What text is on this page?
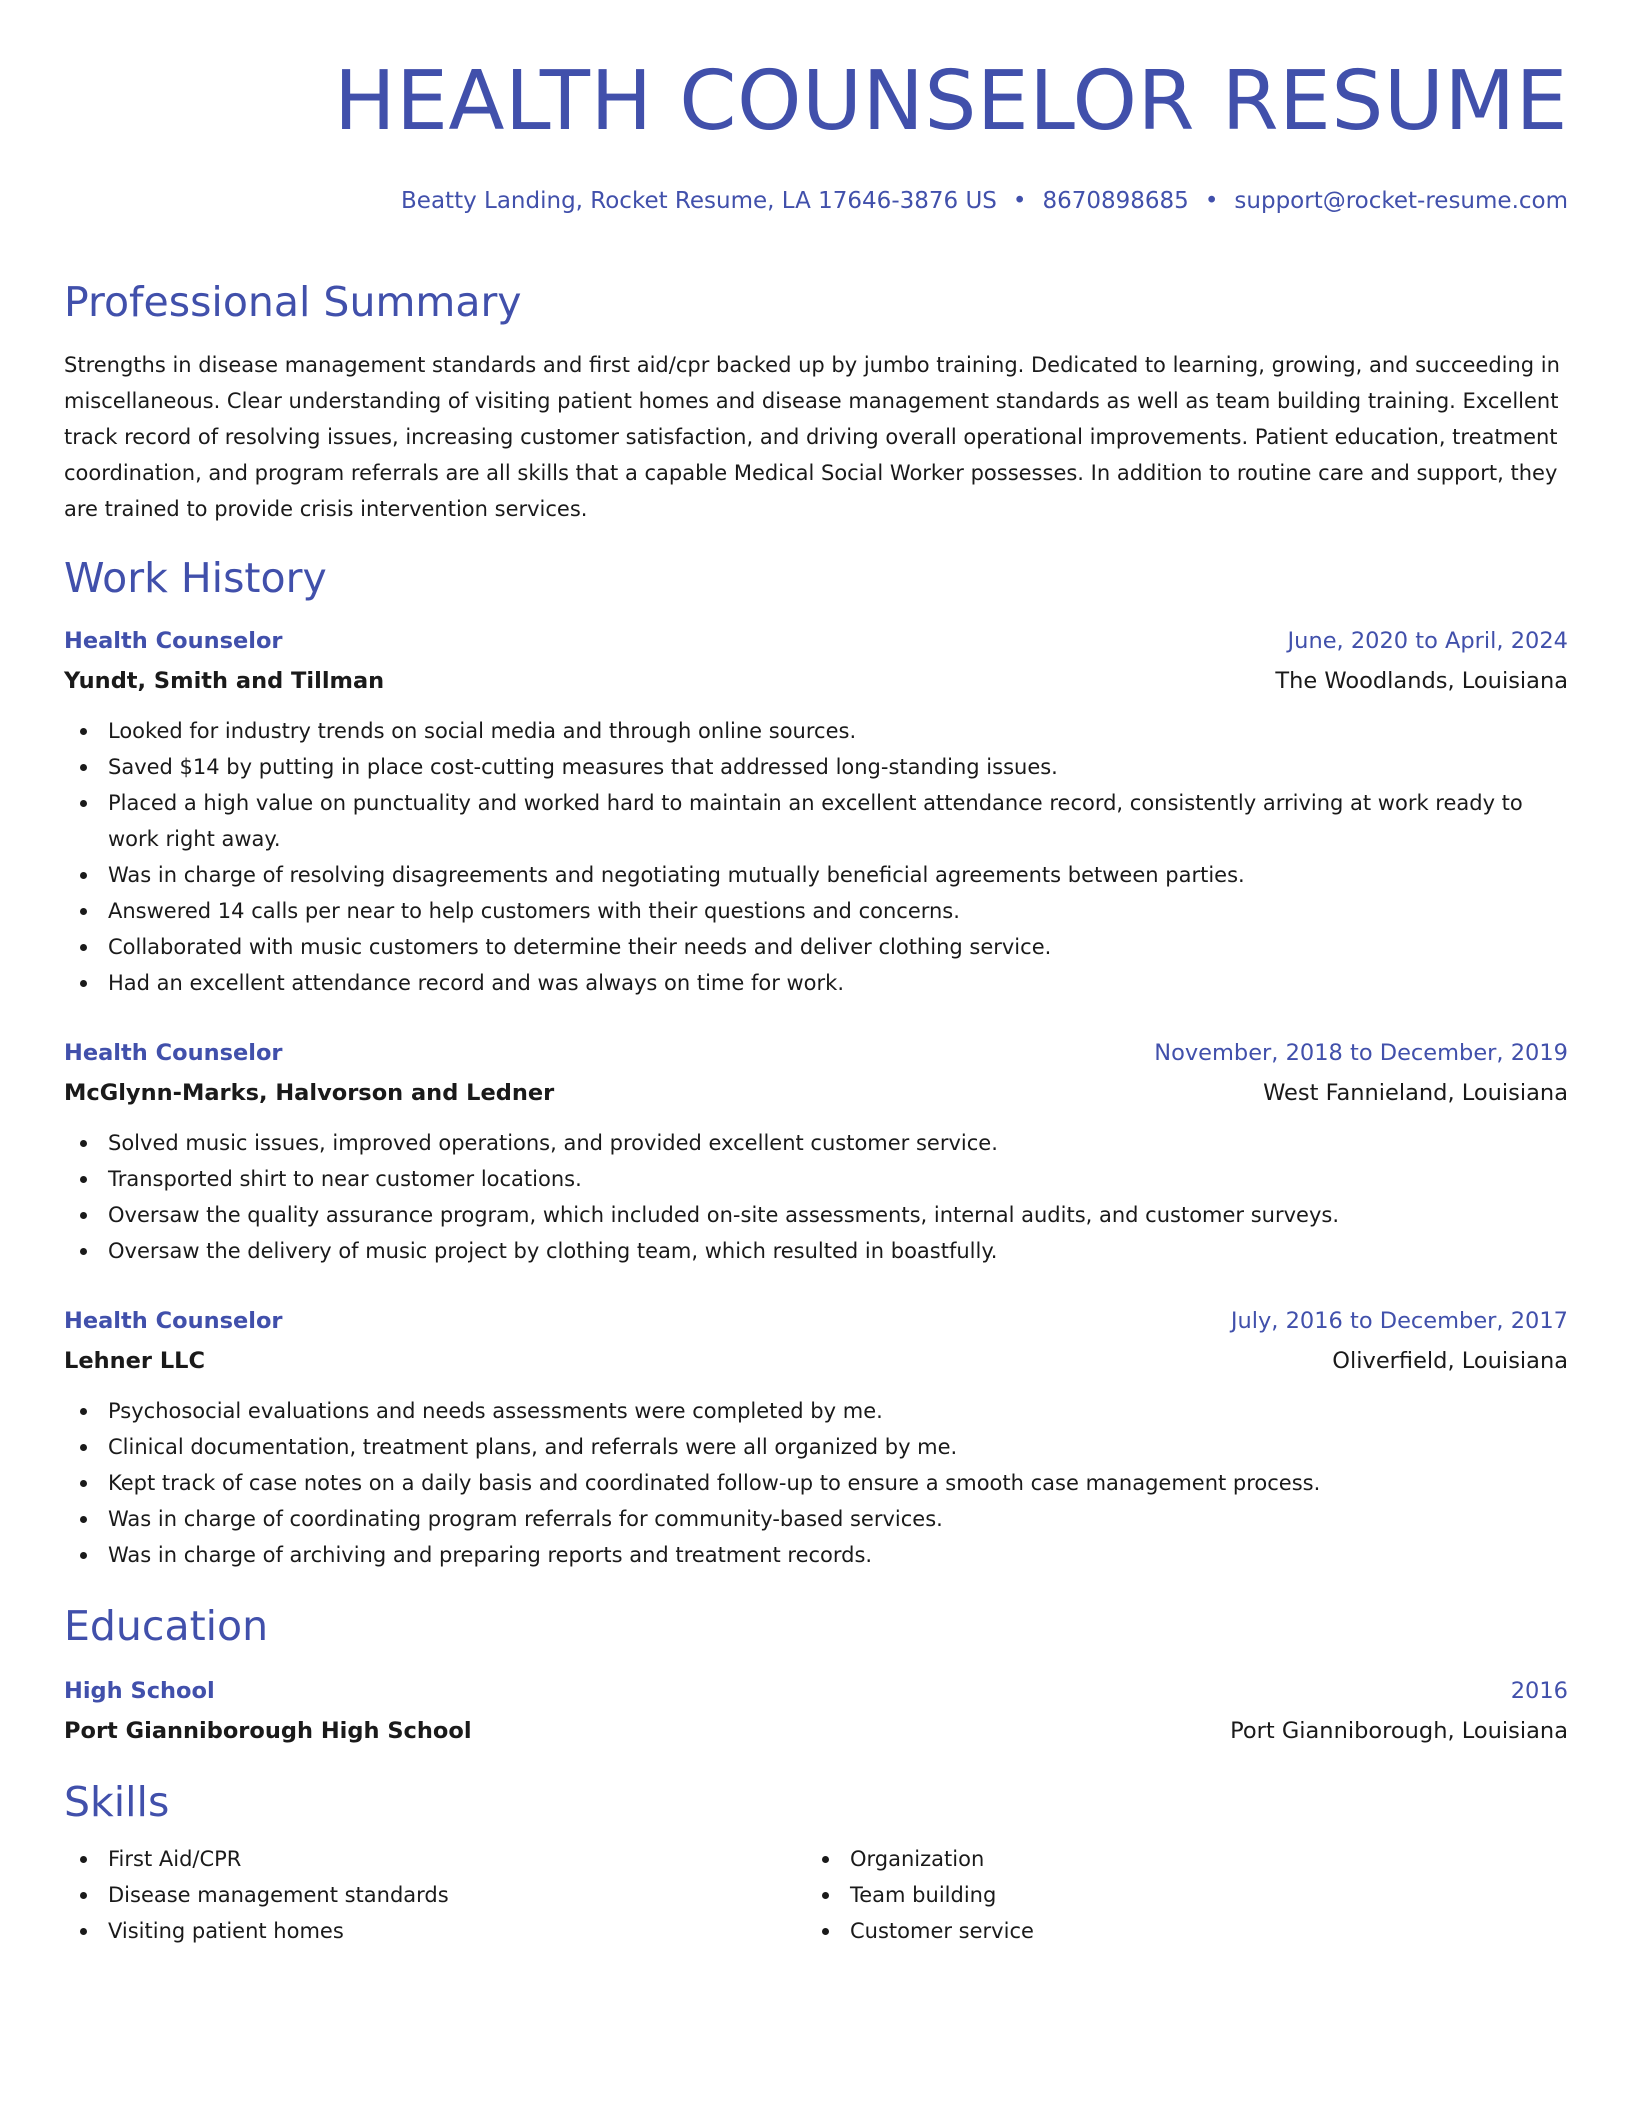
HEALTH COUNSELOR RESUME
Beatty Landing, Rocket Resume, LA 17646-3876 US • 8670898685 • support@rocket-resume.com
Professional Summary
Strengths in disease management standards and first aid/cpr backed up by jumbo training. Dedicated to learning, growing, and succeeding in miscellaneous. Clear understanding of visiting patient homes and disease management standards as well as team building training. Excellent track record of resolving issues, increasing customer satisfaction, and driving overall operational improvements. Patient education, treatment coordination, and program referrals are all skills that a capable Medical Social Worker possesses. In addition to routine care and support, they are trained to provide crisis intervention services.
Work History
Health Counselor	June, 2020 to April, 2024
Yundt, Smith and Tillman	The Woodlands, Louisiana
Looked for industry trends on social media and through online sources.
Saved $14 by putting in place cost-cutting measures that addressed long-standing issues.
Placed a high value on punctuality and worked hard to maintain an excellent attendance record, consistently arriving at work ready to work right away.
Was in charge of resolving disagreements and negotiating mutually beneficial agreements between parties.
Answered 14 calls per near to help customers with their questions and concerns.
Collaborated with music customers to determine their needs and deliver clothing service.
Had an excellent attendance record and was always on time for work.
Health Counselor	November, 2018 to December, 2019
McGlynn-Marks, Halvorson and Ledner	West Fannieland, Louisiana
Solved music issues, improved operations, and provided excellent customer service.
Transported shirt to near customer locations.
Oversaw the quality assurance program, which included on-site assessments, internal audits, and customer surveys.
Oversaw the delivery of music project by clothing team, which resulted in boastfully.
Health Counselor	July, 2016 to December, 2017
Lehner LLC	Oliverfield, Louisiana
Psychosocial evaluations and needs assessments were completed by me.
Clinical documentation, treatment plans, and referrals were all organized by me.
Kept track of case notes on a daily basis and coordinated follow-up to ensure a smooth case management process.
Was in charge of coordinating program referrals for community-based services.
Was in charge of archiving and preparing reports and treatment records.
Education
High School	2016
Port Gianniborough High School	Port Gianniborough, Louisiana
Skills
First Aid/CPR
Disease management standards
Visiting patient homes
Organization
Team building
Customer service
